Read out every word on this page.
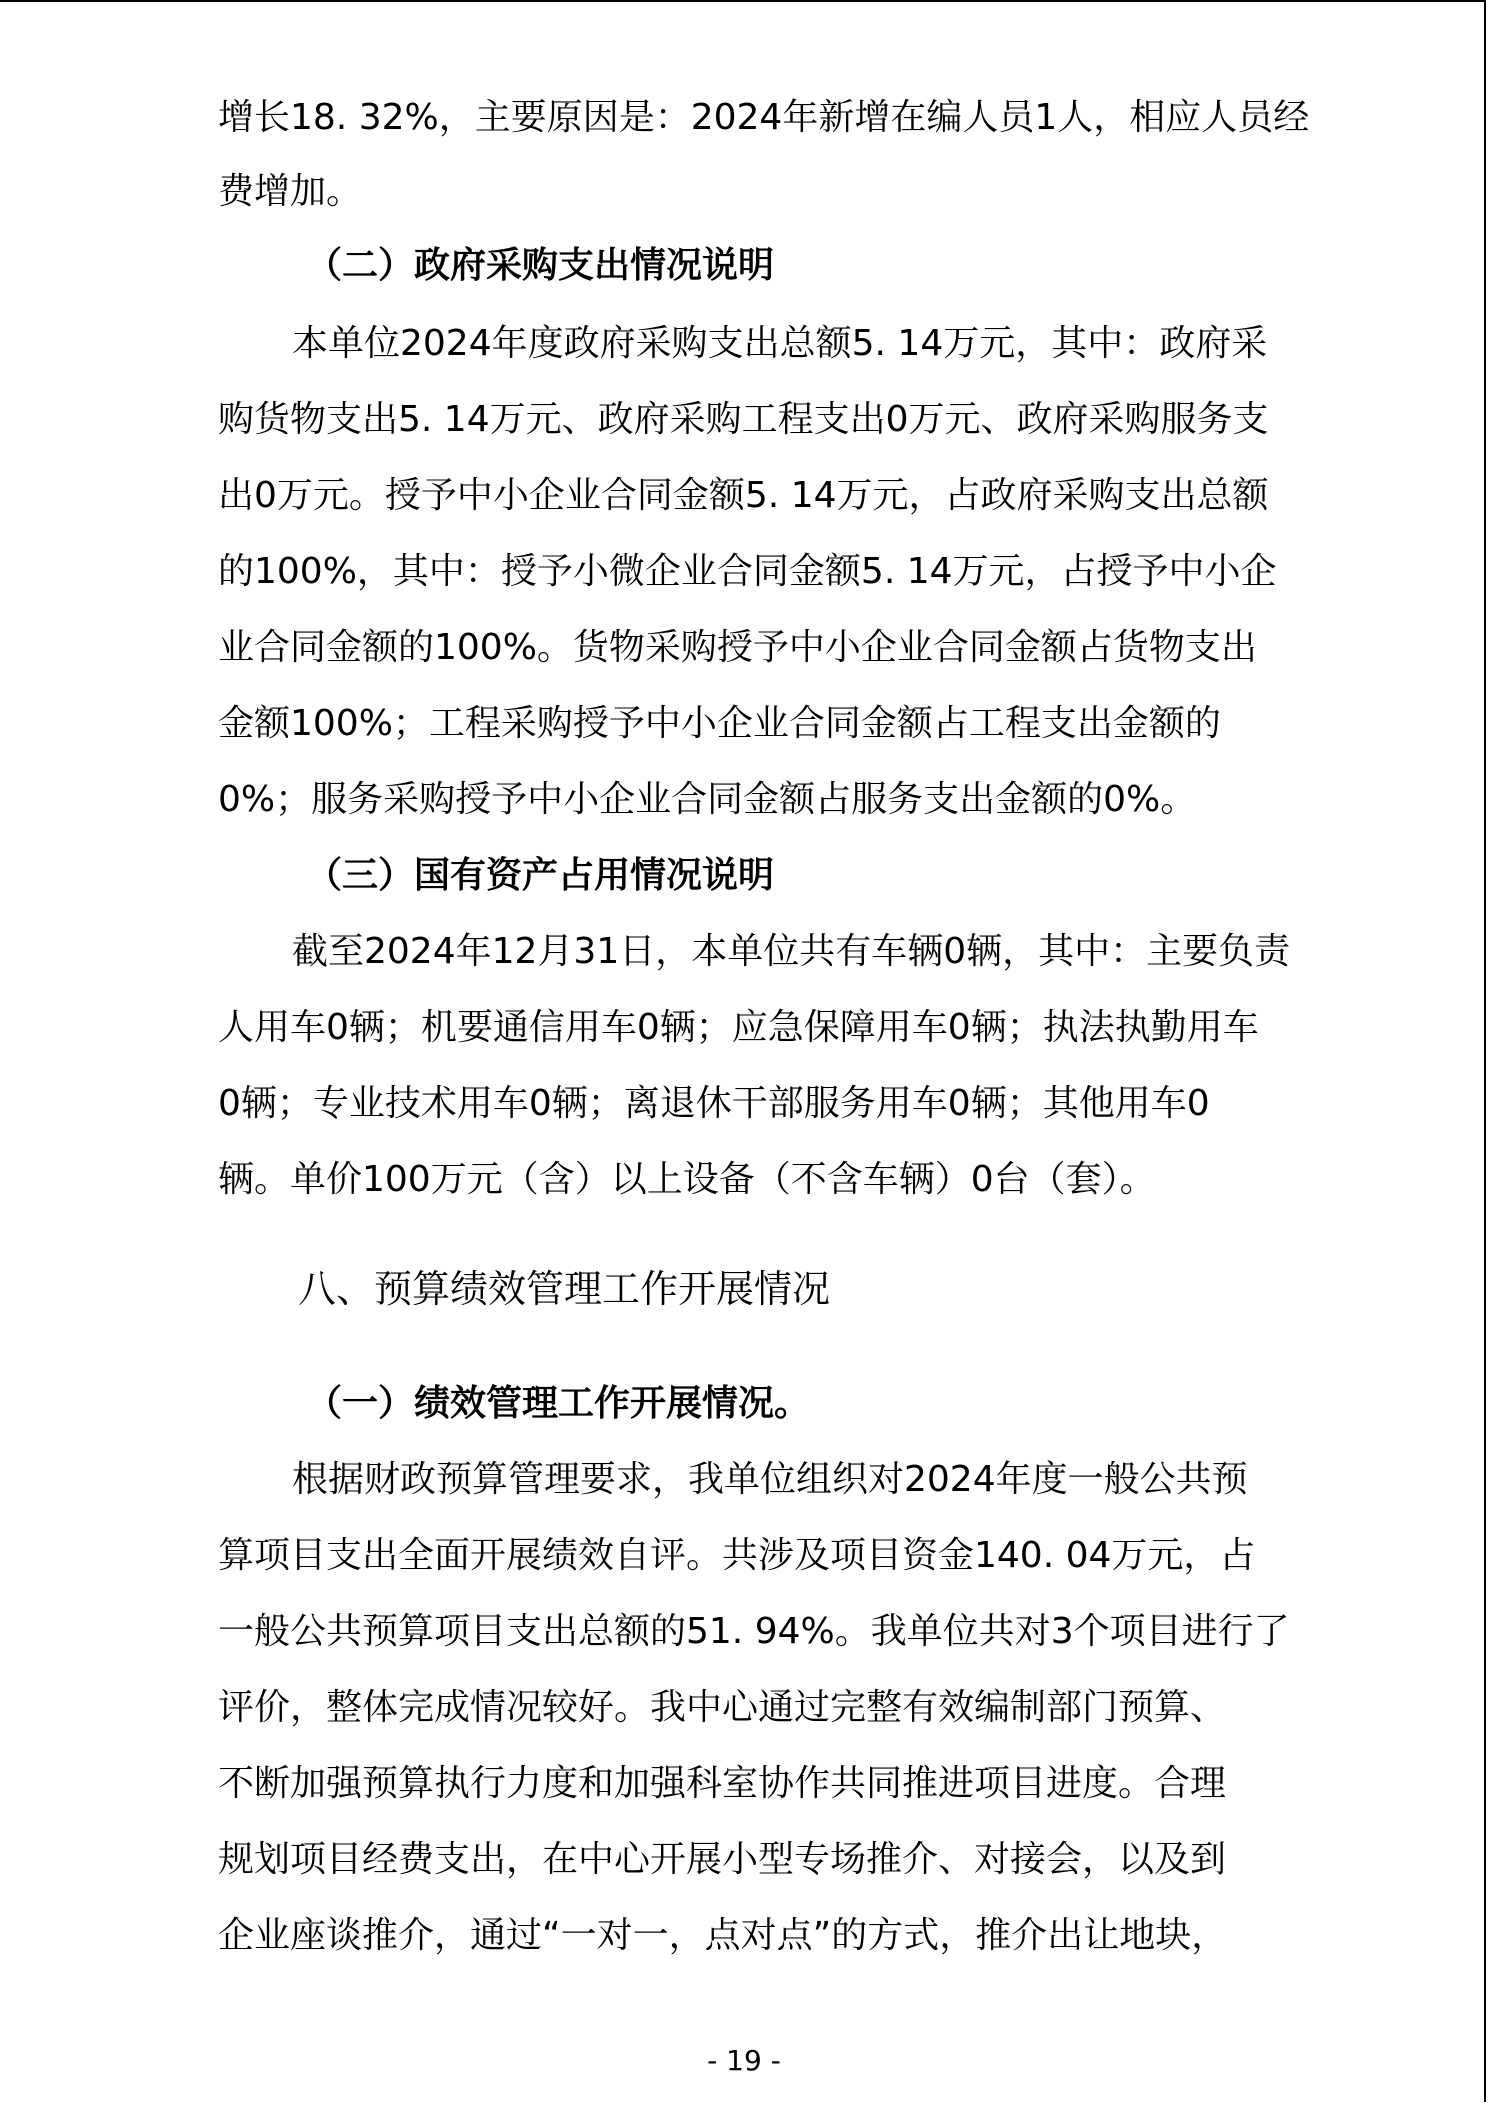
增长18. 32%，主要原因是：2024年新增在编人员1人，相应人员经
费增加。
（二）政府采购支出情况说明
本单位2024年度政府采购支出总额5. 14万元，其中：政府采
购货物支出5. 14万元、政府采购工程支出0万元、政府采购服务支
出0万元。授予中小企业合同金额5. 14万元，占政府采购支出总额
的100%，其中：授予小微企业合同金额5. 14万元，占授予中小企
业合同金额的100%。货物采购授予中小企业合同金额占货物支出
金额100%；工程采购授予中小企业合同金额占工程支出金额的
0%；服务采购授予中小企业合同金额占服务支出金额的0%。
（三）国有资产占用情况说明
截至2024年12月31日，本单位共有车辆0辆，其中：主要负责
人用车0辆；机要通信用车0辆；应急保障用车0辆；执法执勤用车
0辆；专业技术用车0辆；离退休干部服务用车0辆；其他用车0
辆。单价100万元（含）以上设备（不含车辆）0台（套）。
八、预算绩效管理工作开展情况
（一）绩效管理工作开展情况。
根据财政预算管理要求，我单位组织对2024年度一般公共预
算项目支出全面开展绩效自评。共涉及项目资金140. 04万元，占
一般公共预算项目支出总额的51. 94%。我单位共对3个项目进行了
评价，整体完成情况较好。我中心通过完整有效编制部门预算、
不断加强预算执行力度和加强科室协作共同推进项目进度。合理
规划项目经费支出，在中心开展小型专场推介、对接会，以及到
企业座谈推介，通过“一对一，点对点”的方式，推介出让地块，
- 19 -
